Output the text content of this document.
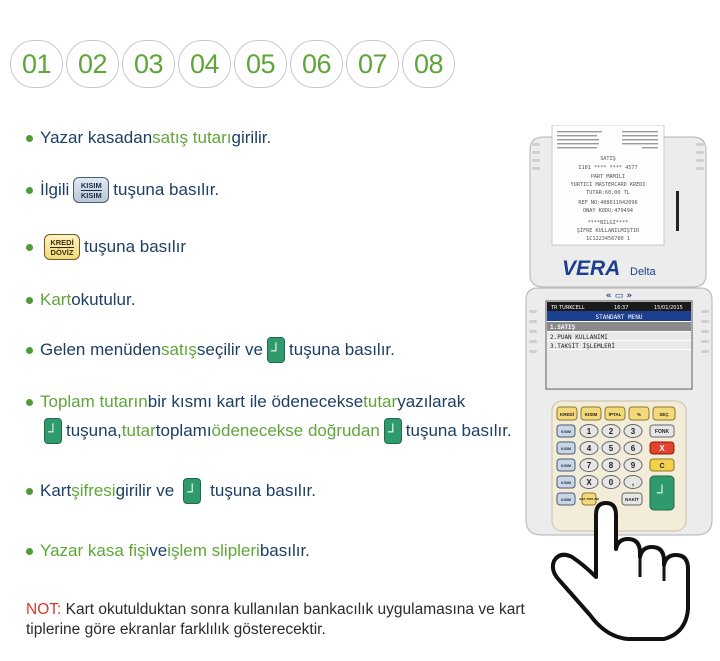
01 02 03 04 05 06 07 08
Yazar kasadan satış tutarı girilir.
İlgili KISIM
KISIM tuşuna basılır.
KREDİ
DÖVİZ tuşuna basılır
Kart okutulur.
Gelen menüden satış seçilir ve ┘ tuşuna basılır.
Toplam tutarın bir kısmı kart ile ödenecekse tutar yazılarak
┘ tuşuna, tutar toplamı ödenecekse doğrudan ┘ tuşuna basılır.
Kart şifresi girilir ve ┘ tuşuna basılır.
Yazar kasa fişi ve işlem slipleri basılır.
NOT: Kart okutulduktan sonra kullanılan bankacılık uygulamasına ve kart tiplerine göre ekranlar farklılık gösterecektir.
SATIŞ
I101 **** **** 4577
PART MAMILI
YURTICI MASTERCARD KREDI
TUTAR:60,00 TL
REF NO:408011042096
ONAY KODU:470494
****BILGI****
ŞİFRE KULLANILMIŞTIR
1C1223456780 1
VERA Delta
« ▭ »
TR TURKCELL	16:37	15/01/2015
STANDART MENU
1.SATIŞ
2.PUAN KULLANIMI
3.TAKSİT İŞLEMLERİ
KREDİ KISIM	İPTAL	%	SEÇ
KISIM
KISIM
KISIM
KISIM
KISIM
1 2 3
4 5 6
7 8 9
X 0 ,
FONK
X
C
┘
ARA TOPLAM	NAKİT
